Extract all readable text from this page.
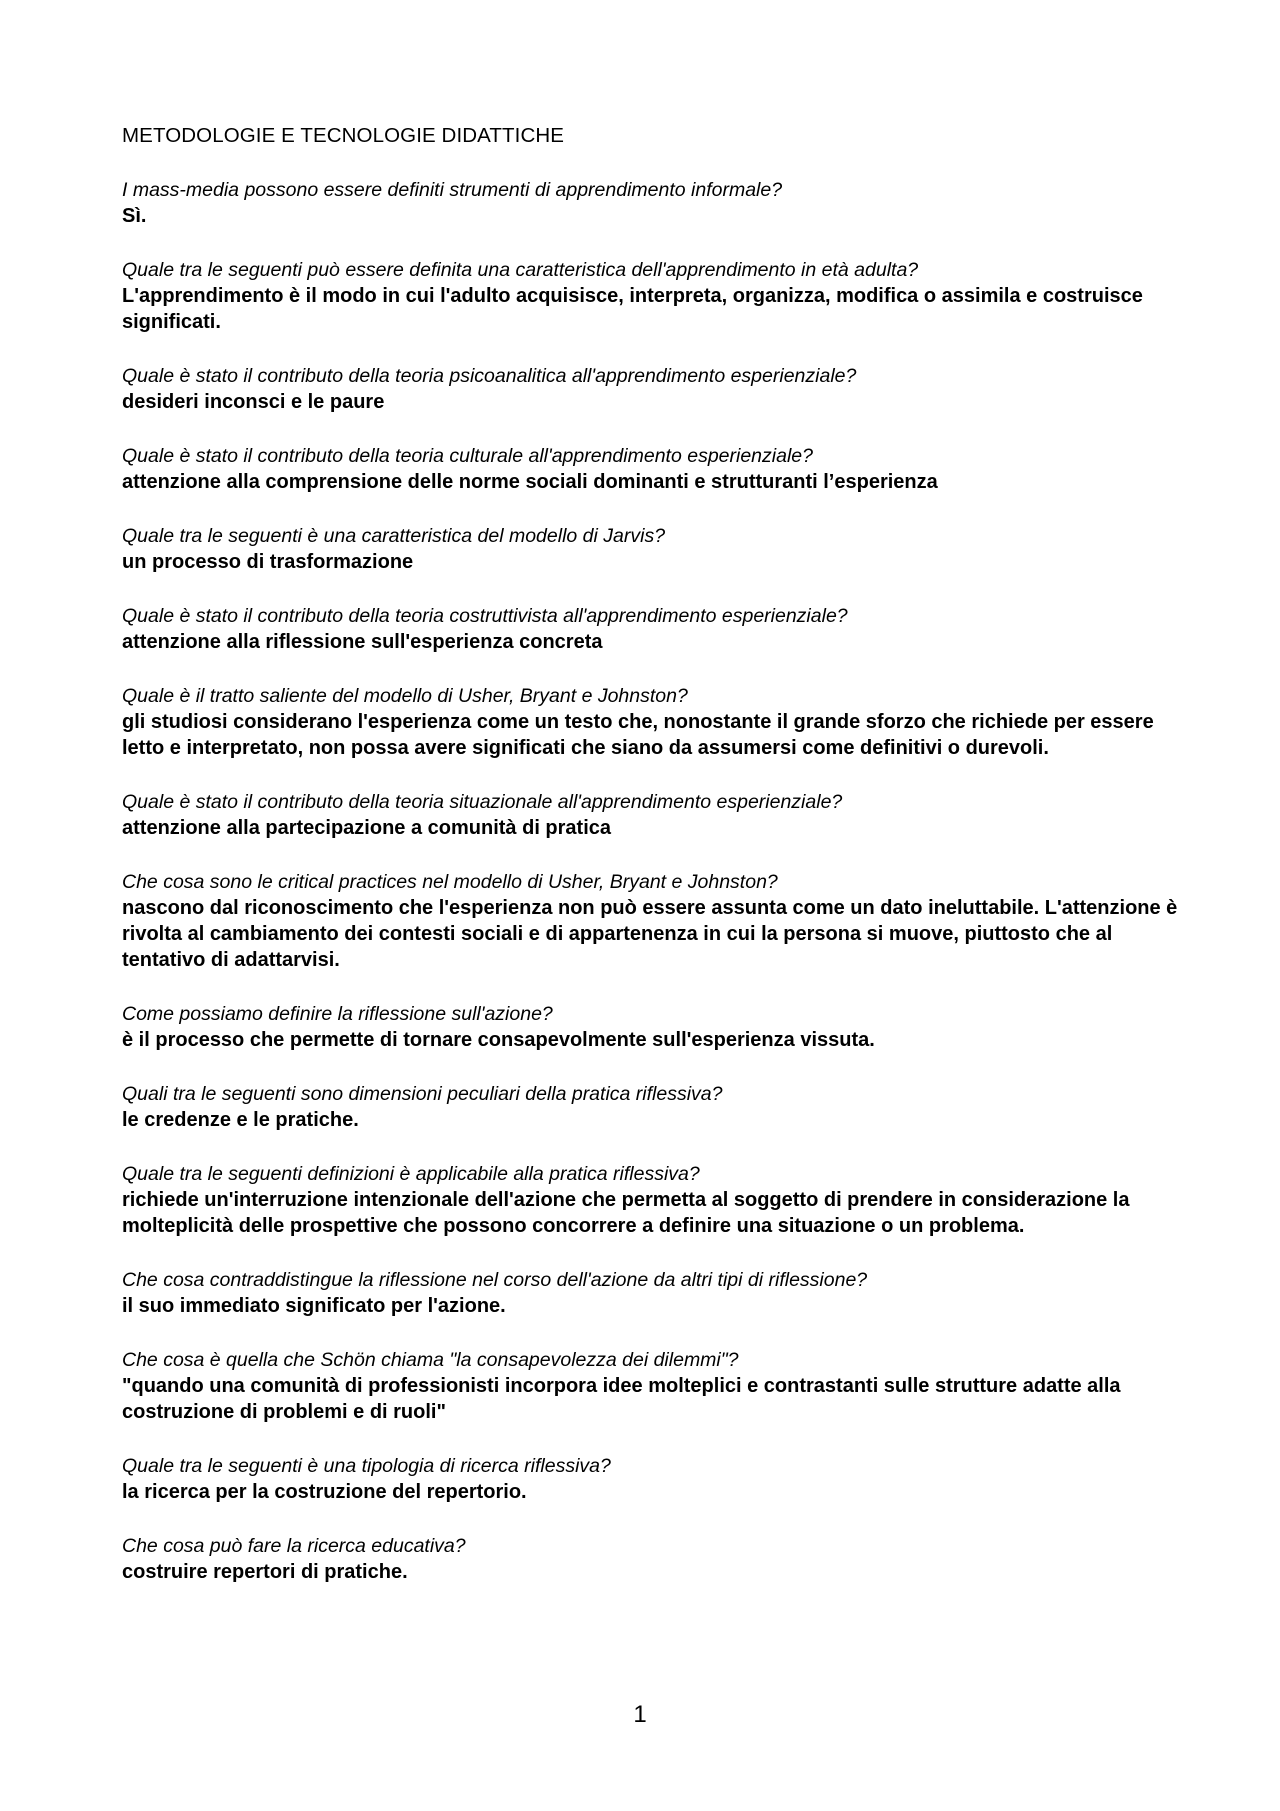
METODOLOGIE E TECNOLOGIE DIDATTICHE
I mass-media possono essere definiti strumenti di apprendimento informale?
Sì.
Quale tra le seguenti può essere definita una caratteristica dell'apprendimento in età adulta?
L'apprendimento è il modo in cui l'adulto acquisisce, interpreta, organizza, modifica o assimila e costruisce significati.
Quale è stato il contributo della teoria psicoanalitica all'apprendimento esperienziale?
desideri inconsci e le paure
Quale è stato il contributo della teoria culturale all'apprendimento esperienziale?
attenzione alla comprensione delle norme sociali dominanti e strutturanti l’esperienza
Quale tra le seguenti è una caratteristica del modello di Jarvis?
un processo di trasformazione
Quale è stato il contributo della teoria costruttivista all'apprendimento esperienziale?
attenzione alla riflessione sull'esperienza concreta
Quale è il tratto saliente del modello di Usher, Bryant e Johnston?
gli studiosi considerano l'esperienza come un testo che, nonostante il grande sforzo che richiede per essere letto e interpretato, non possa avere significati che siano da assumersi come definitivi o durevoli.
Quale è stato il contributo della teoria situazionale all'apprendimento esperienziale?
attenzione alla partecipazione a comunità di pratica
Che cosa sono le critical practices nel modello di Usher, Bryant e Johnston?
nascono dal riconoscimento che l'esperienza non può essere assunta come un dato ineluttabile. L'attenzione è rivolta al cambiamento dei contesti sociali e di appartenenza in cui la persona si muove, piuttosto che al tentativo di adattarvisi.
Come possiamo definire la riflessione sull'azione?
è il processo che permette di tornare consapevolmente sull'esperienza vissuta.
Quali tra le seguenti sono dimensioni peculiari della pratica riflessiva?
le credenze e le pratiche.
Quale tra le seguenti definizioni è applicabile alla pratica riflessiva?
richiede un'interruzione intenzionale dell'azione che permetta al soggetto di prendere in considerazione la molteplicità delle prospettive che possono concorrere a definire una situazione o un problema.
Che cosa contraddistingue la riflessione nel corso dell'azione da altri tipi di riflessione?
il suo immediato significato per l'azione.
Che cosa è quella che Schön chiama "la consapevolezza dei dilemmi"?
"quando una comunità di professionisti incorpora idee molteplici e contrastanti sulle strutture adatte alla costruzione di problemi e di ruoli"
Quale tra le seguenti è una tipologia di ricerca riflessiva?
la ricerca per la costruzione del repertorio.
Che cosa può fare la ricerca educativa?
costruire repertori di pratiche.
1
